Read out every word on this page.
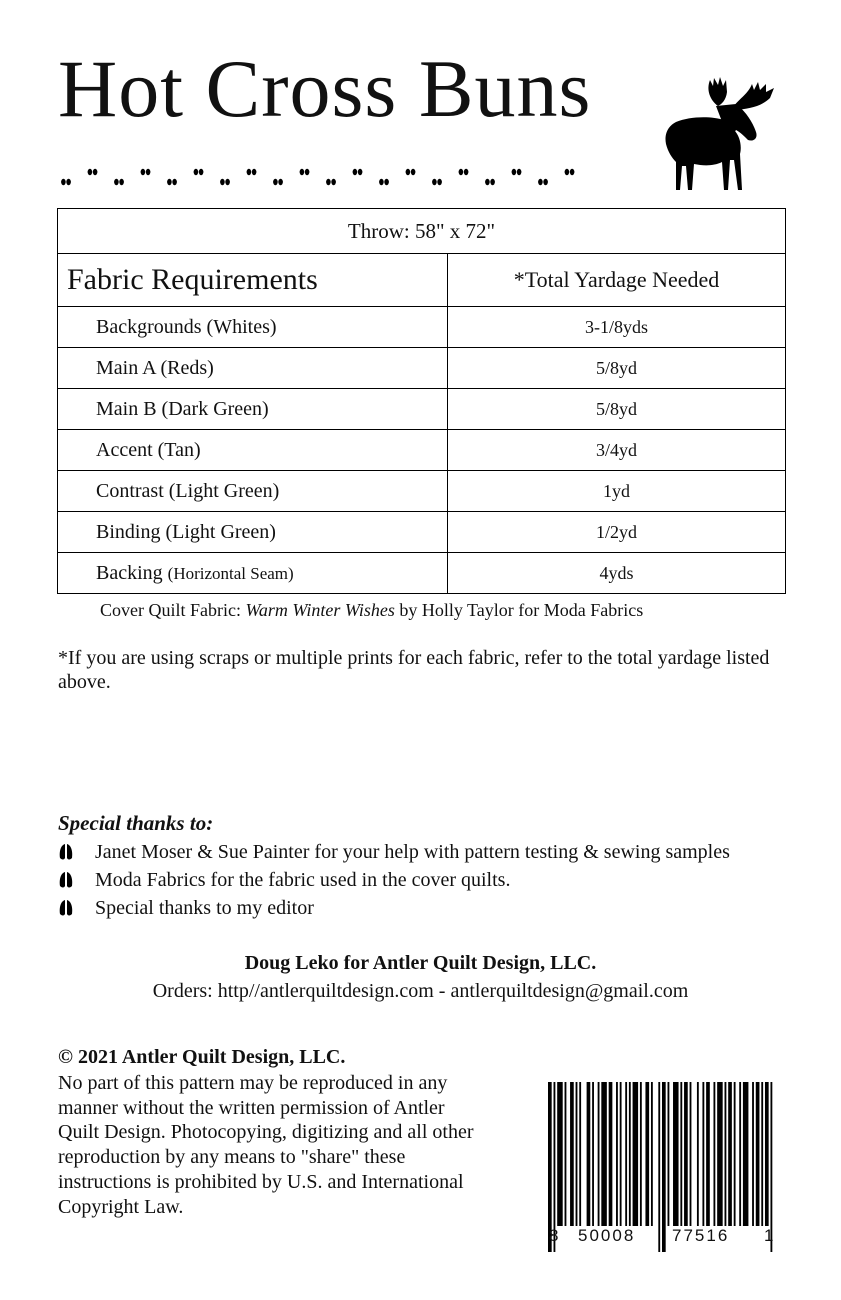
Hot Cross Buns
Throw: 58" x 72"	
Fabric Requirements	*Total Yardage Needed
Backgrounds (Whites)	3-1/8yds
Main A (Reds)	5/8yd
Main B (Dark Green)	5/8yd
Accent (Tan)	3/4yd
Contrast (Light Green)	1yd
Binding (Light Green)	1/2yd
Backing (Horizontal Seam)	4yds
Cover Quilt Fabric: Warm Winter Wishes by Holly Taylor for Moda Fabrics
*If you are using scraps or multiple prints for each fabric, refer to the total yardage listed above.
Special thanks to:
Janet Moser & Sue Painter for your help with pattern testing & sewing samples
Moda Fabrics for the fabric used in the cover quilts.
Special thanks to my editor
Doug Leko for Antler Quilt Design, LLC.
Orders: http//antlerquiltdesign.com - antlerquiltdesign@gmail.com
© 2021 Antler Quilt Design, LLC.
No part of this pattern may be reproduced in any manner without the written permission of Antler Quilt Design. Photocopying, digitizing and all other reproduction by any means to "share" these instructions is prohibited by U.S. and International Copyright Law.
8 50008 77516 1
